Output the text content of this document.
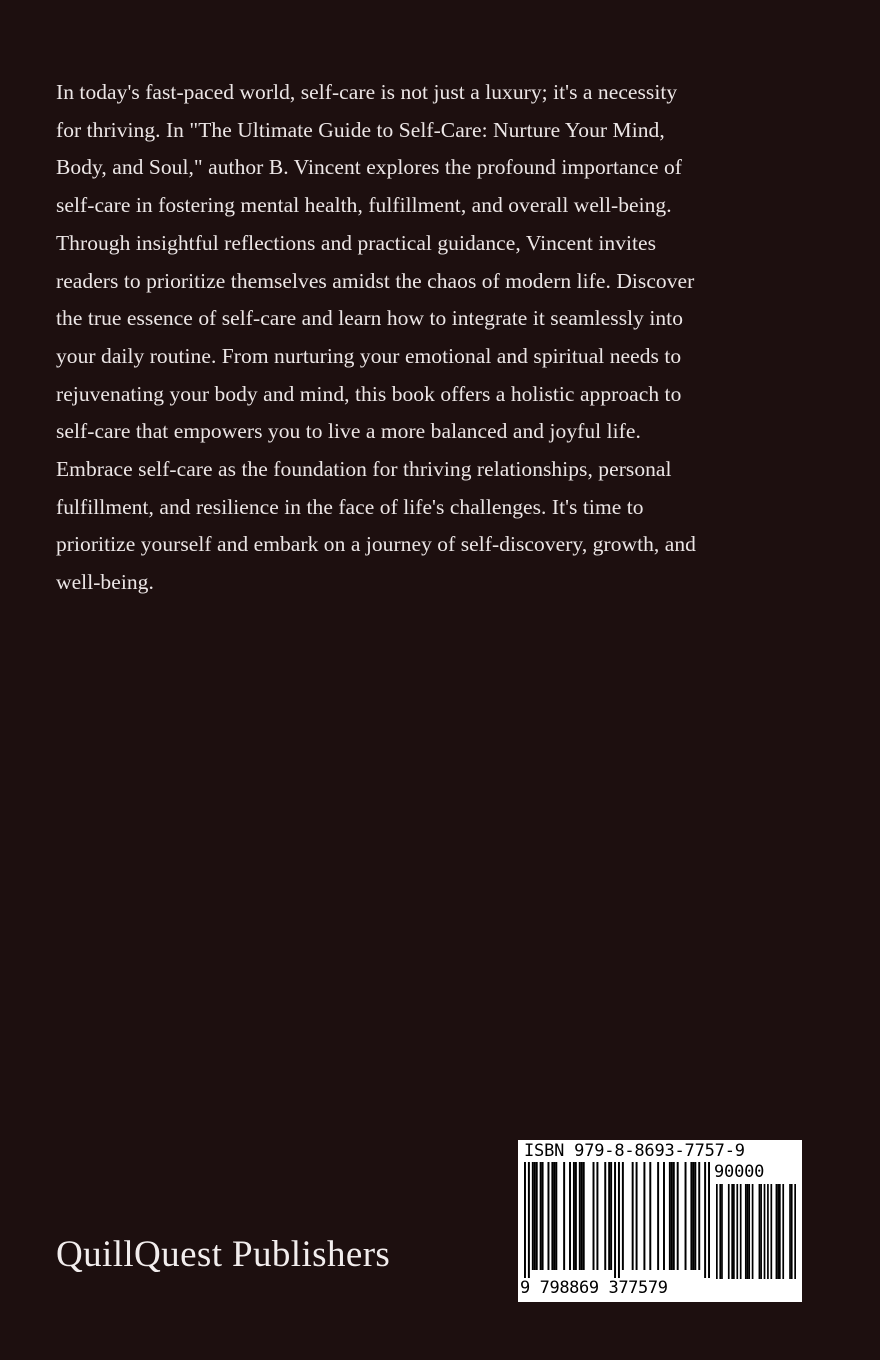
In today's fast-paced world, self-care is not just a luxury; it's a necessity
for thriving. In "The Ultimate Guide to Self-Care: Nurture Your Mind,
Body, and Soul," author B. Vincent explores the profound importance of
self-care in fostering mental health, fulfillment, and overall well-being.
Through insightful reflections and practical guidance, Vincent invites
readers to prioritize themselves amidst the chaos of modern life. Discover
the true essence of self-care and learn how to integrate it seamlessly into
your daily routine. From nurturing your emotional and spiritual needs to
rejuvenating your body and mind, this book offers a holistic approach to
self-care that empowers you to live a more balanced and joyful life.
Embrace self-care as the foundation for thriving relationships, personal
fulfillment, and resilience in the face of life's challenges. It's time to
prioritize yourself and embark on a journey of self-discovery, growth, and
well-being.
QuillQuest Publishers
ISBN 979-8-8693-7757-9
90000
9 798869 377579
